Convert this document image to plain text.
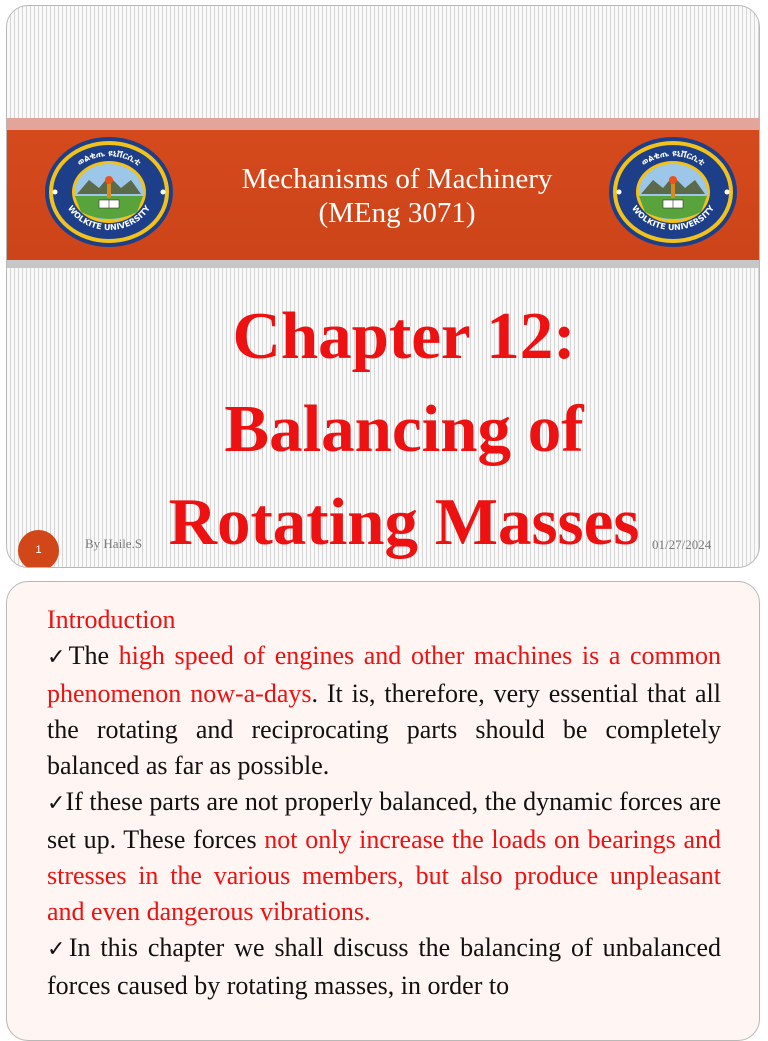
ወልቂጤ ዩኒቨርሲቲ
WOLKITE UNIVERSITY
Mechanisms of Machinery
(MEng 3071)
ወልቂጤ ዩኒቨርሲቲ
WOLKITE UNIVERSITY
Chapter 12:
Balancing of
Rotating Masses
1	By Haile.S	01/27/2024
Introduction
✓The high speed of engines and other machines is a common phenomenon now-a-days. It is, therefore, very essential that all the rotating and reciprocating parts should be completely balanced as far as possible.
✓If these parts are not properly balanced, the dynamic forces are set up. These forces not only increase the loads on bearings and stresses in the various members, but also produce unpleasant and even dangerous vibrations.
✓In this chapter we shall discuss the balancing of unbalanced forces caused by rotating masses, in order to
